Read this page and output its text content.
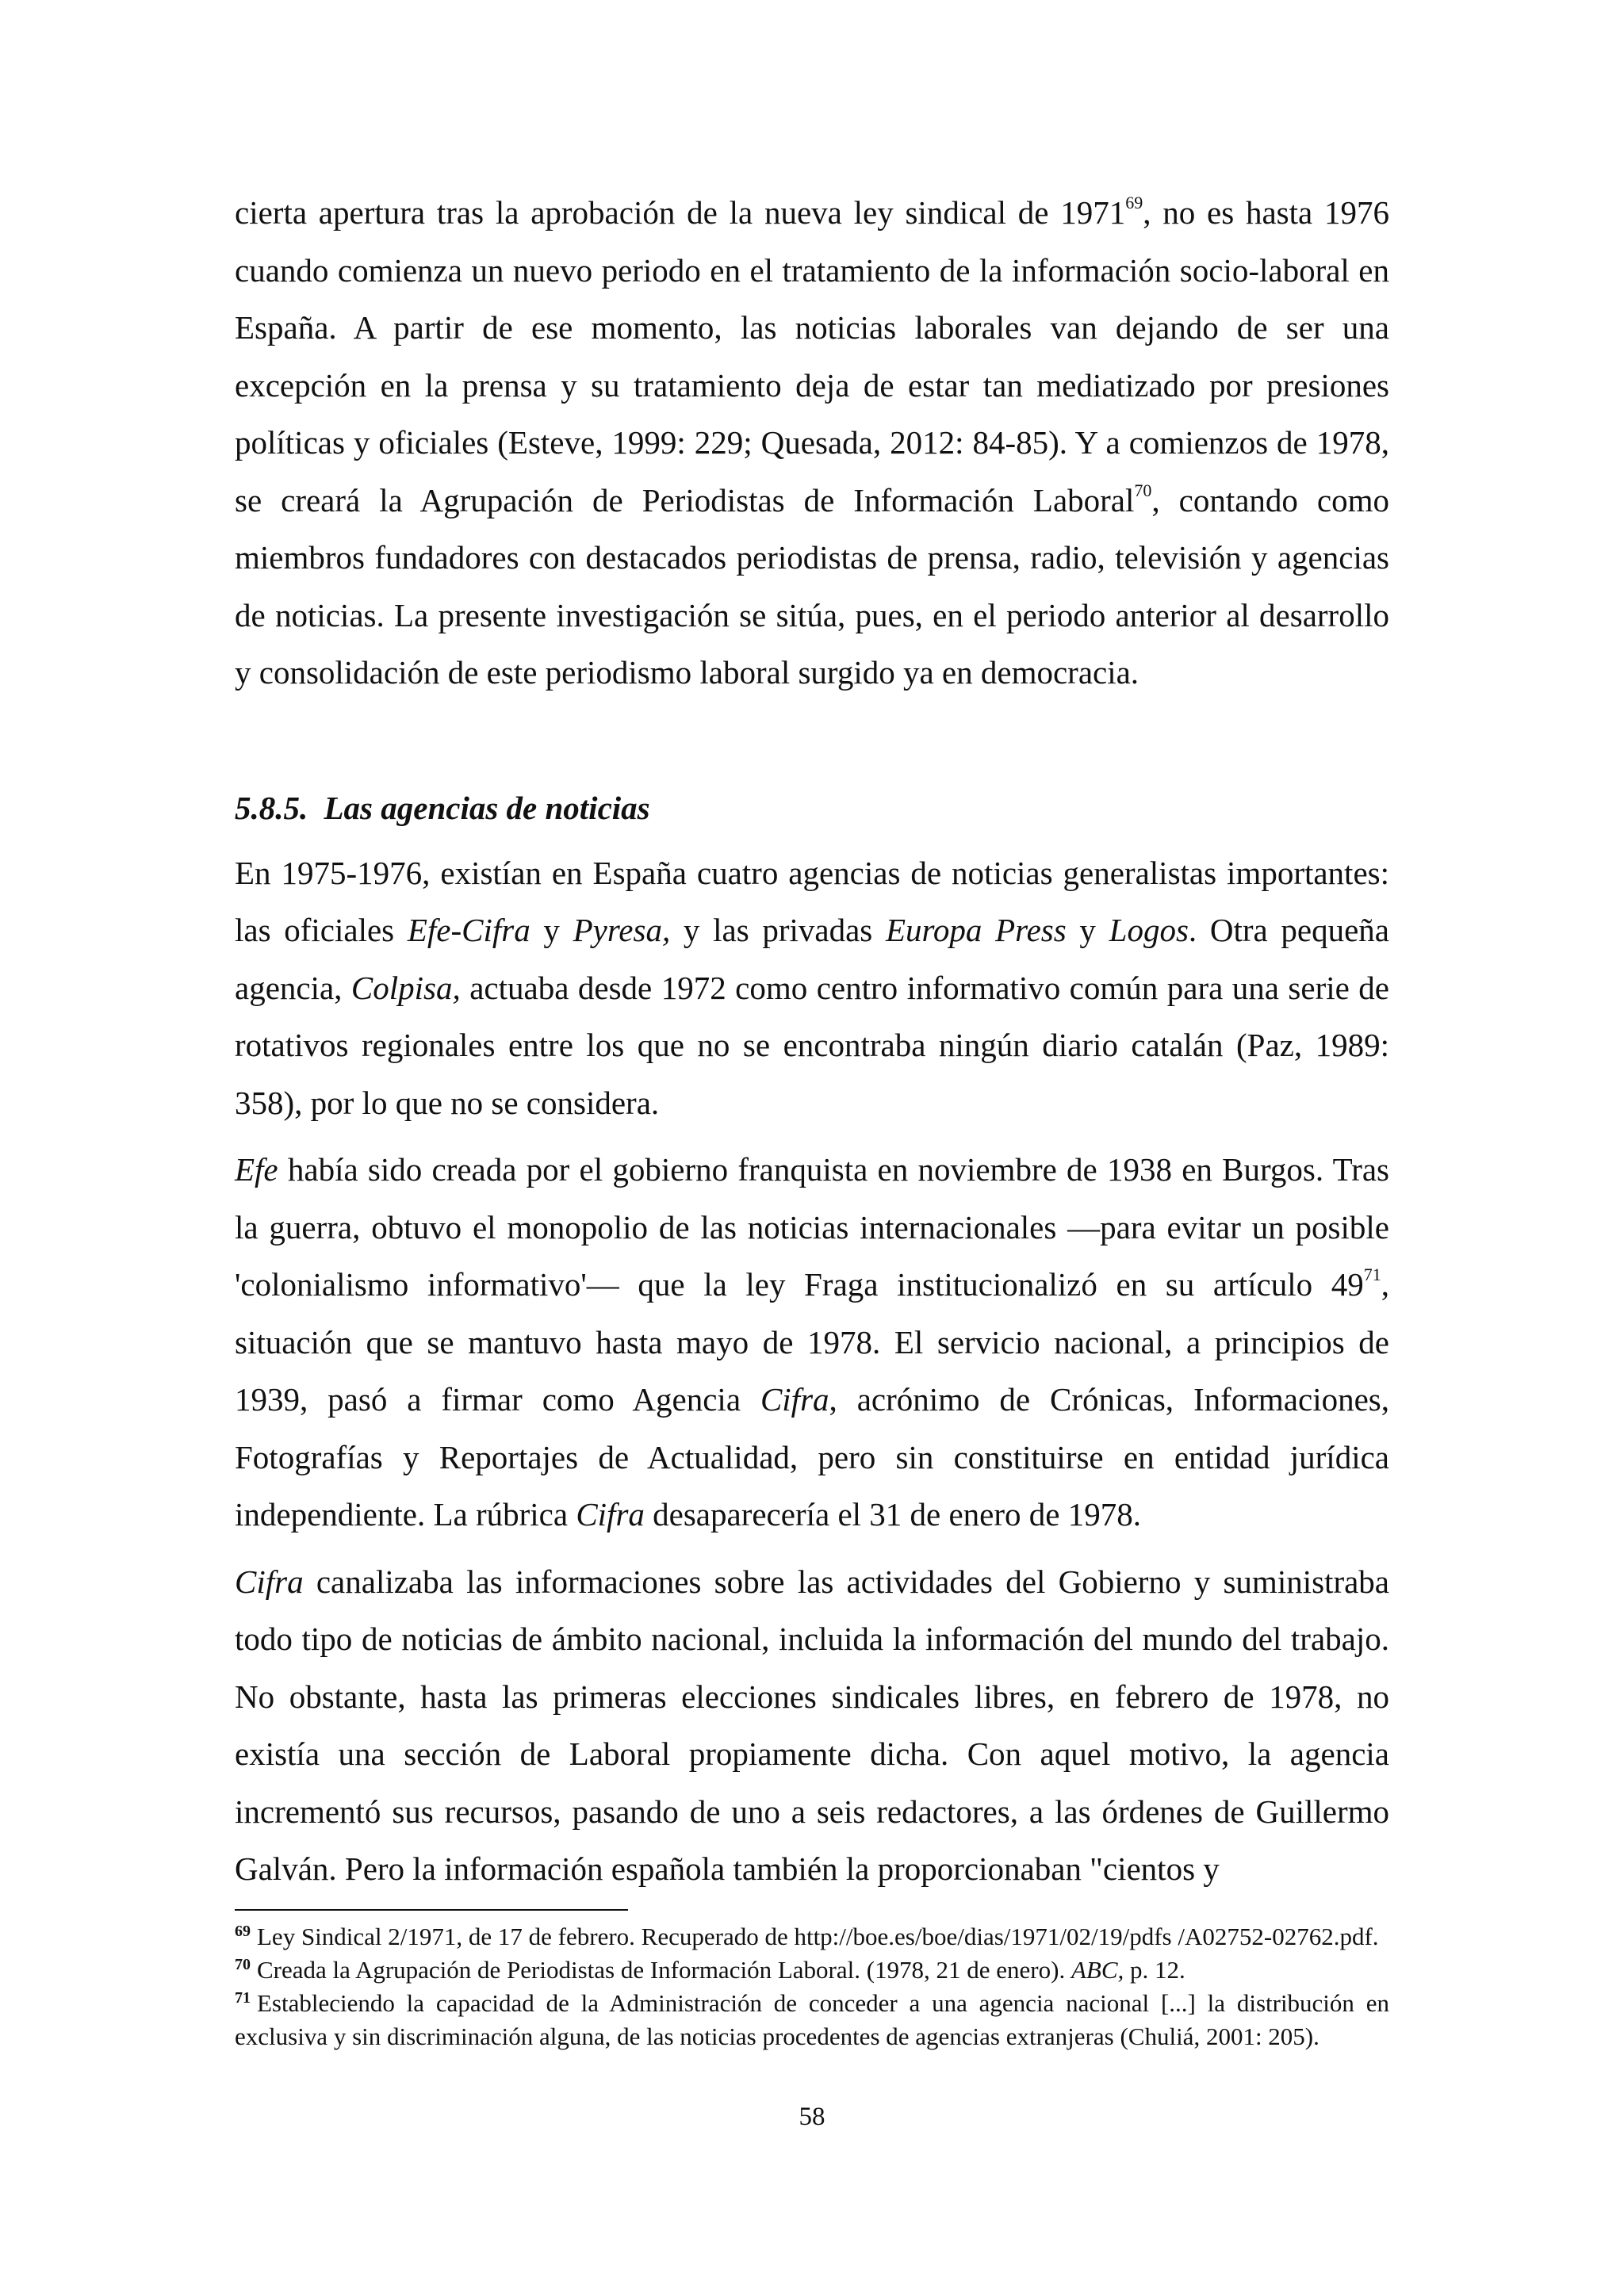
cierta apertura tras la aprobación de la nueva ley sindical de 1971$^{69}$, no es hasta 1976 cuando comienza un nuevo periodo en el tratamiento de la información socio-laboral en España. A partir de ese momento, las noticias laborales van dejando de ser una excepción en la prensa y su tratamiento deja de estar tan mediatizado por presiones políticas y oficiales (Esteve, 1999: 229; Quesada, 2012: 84-85). Y a comienzos de 1978, se creará la Agrupación de Periodistas de Información Laboral$^{70}$, contando como miembros fundadores con destacados periodistas de prensa, radio, televisión y agencias de noticias. La presente investigación se sitúa, pues, en el periodo anterior al desarrollo y consolidación de este periodismo laboral surgido ya en democracia.

5.8.5. Las agencias de noticias

En 1975-1976, existían en España cuatro agencias de noticias generalistas importantes: las oficiales Efe-Cifra y Pyresa, y las privadas Europa Press y Logos. Otra pequeña agencia, Colpisa, actuaba desde 1972 como centro informativo común para una serie de rotativos regionales entre los que no se encontraba ningún diario catalán (Paz, 1989: 358), por lo que no se considera.

Efe había sido creada por el gobierno franquista en noviembre de 1938 en Burgos. Tras la guerra, obtuvo el monopolio de las noticias internacionales —para evitar un posible 'colonialismo informativo'— que la ley Fraga institucionalizó en su artículo $49^{71}$, situación que se mantuvo hasta mayo de 1978. El servicio nacional, a principios de 1939, pasó a firmar como Agencia Cifra, acrónimo de Crónicas, Informaciones, Fotografías y Reportajes de Actualidad, pero sin constituirse en entidad jurídica independiente. La rúbrica Cifra desaparecería el 31 de enero de 1978.

Cifra canalizaba las informaciones sobre las actividades del Gobierno y suministraba todo tipo de noticias de ámbito nacional, incluida la información del mundo del trabajo. No obstante, hasta las primeras elecciones sindicales libres, en febrero de 1978, no existía una sección de Laboral propiamente dicha. Con aquel motivo, la agencia incrementó sus recursos, pasando de uno a seis redactores, a las órdenes de Guillermo Galván. Pero la información española también la proporcionaban "cientos y

$^{69}$ Ley Sindical 2/1971, de 17 de febrero. Recuperado de http://boe.es/boe/dias/1971/02/19/pdfs /A02752-02762.pdf.

$^{70}$ Creada la Agrupación de Periodistas de Información Laboral. (1978, 21 de enero). ABC, p. 12.

$^{71}$ Estableciendo la capacidad de la Administración de conceder a una agencia nacional [...] la distribución en exclusiva y sin discriminación alguna, de las noticias procedentes de agencias extranjeras (Chuliá, 2001: 205).

58
